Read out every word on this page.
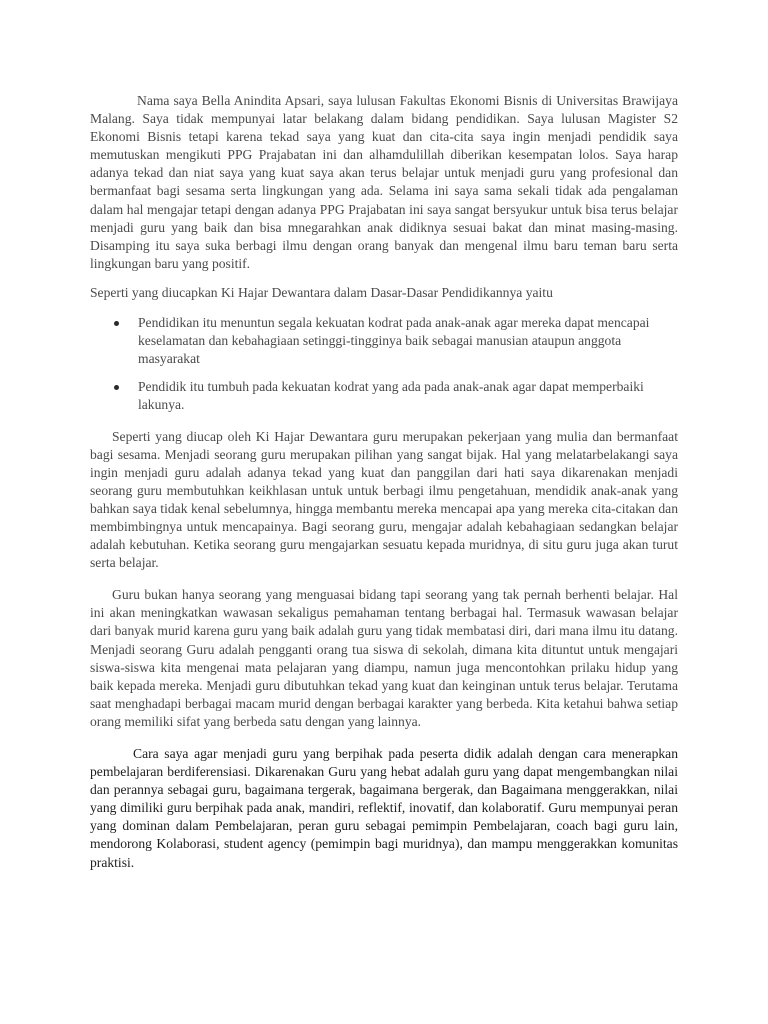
Nama saya Bella Anindita Apsari, saya lulusan Fakultas Ekonomi Bisnis di Universitas Brawijaya Malang. Saya tidak mempunyai latar belakang dalam bidang pendidikan. Saya lulusan Magister S2 Ekonomi Bisnis tetapi karena tekad saya yang kuat dan cita-cita saya ingin menjadi pendidik saya memutuskan mengikuti PPG Prajabatan ini dan alhamdulillah diberikan kesempatan lolos. Saya harap adanya tekad dan niat saya yang kuat saya akan terus belajar untuk menjadi guru yang profesional dan bermanfaat bagi sesama serta lingkungan yang ada. Selama ini saya sama sekali tidak ada pengalaman dalam hal mengajar tetapi dengan adanya PPG Prajabatan ini saya sangat bersyukur untuk bisa terus belajar menjadi guru yang baik dan bisa mnegarahkan anak didiknya sesuai bakat dan minat masing-masing. Disamping itu saya suka berbagi ilmu dengan orang banyak dan mengenal ilmu baru teman baru serta lingkungan baru yang positif.

Seperti yang diucapkan Ki Hajar Dewantara dalam Dasar-Dasar Pendidikannya yaitu

Pendidikan itu menuntun segala kekuatan kodrat pada anak-anak agar mereka dapat mencapai keselamatan dan kebahagiaan setinggi-tingginya baik sebagai manusian ataupun anggota masyarakat
Pendidik itu tumbuh pada kekuatan kodrat yang ada pada anak-anak agar dapat memperbaiki lakunya.

Seperti yang diucap oleh Ki Hajar Dewantara guru merupakan pekerjaan yang mulia dan bermanfaat bagi sesama. Menjadi seorang guru merupakan pilihan yang sangat bijak. Hal yang melatarbelakangi saya ingin menjadi guru adalah adanya tekad yang kuat dan panggilan dari hati saya dikarenakan menjadi seorang guru membutuhkan keikhlasan untuk untuk berbagi ilmu pengetahuan, mendidik anak-anak yang bahkan saya tidak kenal sebelumnya, hingga membantu mereka mencapai apa yang mereka cita-citakan dan membimbingnya untuk mencapainya. Bagi seorang guru, mengajar adalah kebahagiaan sedangkan belajar adalah kebutuhan. Ketika seorang guru mengajarkan sesuatu kepada muridnya, di situ guru juga akan turut serta belajar.

Guru bukan hanya seorang yang menguasai bidang tapi seorang yang tak pernah berhenti belajar. Hal ini akan meningkatkan wawasan sekaligus pemahaman tentang berbagai hal. Termasuk wawasan belajar dari banyak murid karena guru yang baik adalah guru yang tidak membatasi diri, dari mana ilmu itu datang. Menjadi seorang Guru adalah pengganti orang tua siswa di sekolah, dimana kita dituntut untuk mengajari siswa-siswa kita mengenai mata pelajaran yang diampu, namun juga mencontohkan prilaku hidup yang baik kepada mereka. Menjadi guru dibutuhkan tekad yang kuat dan keinginan untuk terus belajar. Terutama saat menghadapi berbagai macam murid dengan berbagai karakter yang berbeda. Kita ketahui bahwa setiap orang memiliki sifat yang berbeda satu dengan yang lainnya.

Cara saya agar menjadi guru yang berpihak pada peserta didik adalah dengan cara menerapkan pembelajaran berdiferensiasi. Dikarenakan Guru yang hebat adalah guru yang dapat mengembangkan nilai dan perannya sebagai guru, bagaimana tergerak, bagaimana bergerak, dan Bagaimana menggerakkan, nilai yang dimiliki guru berpihak pada anak, mandiri, reflektif, inovatif, dan kolaboratif. Guru mempunyai peran yang dominan dalam Pembelajaran, peran guru sebagai pemimpin Pembelajaran, coach bagi guru lain, mendorong Kolaborasi, student agency (pemimpin bagi muridnya), dan mampu menggerakkan komunitas praktisi.
